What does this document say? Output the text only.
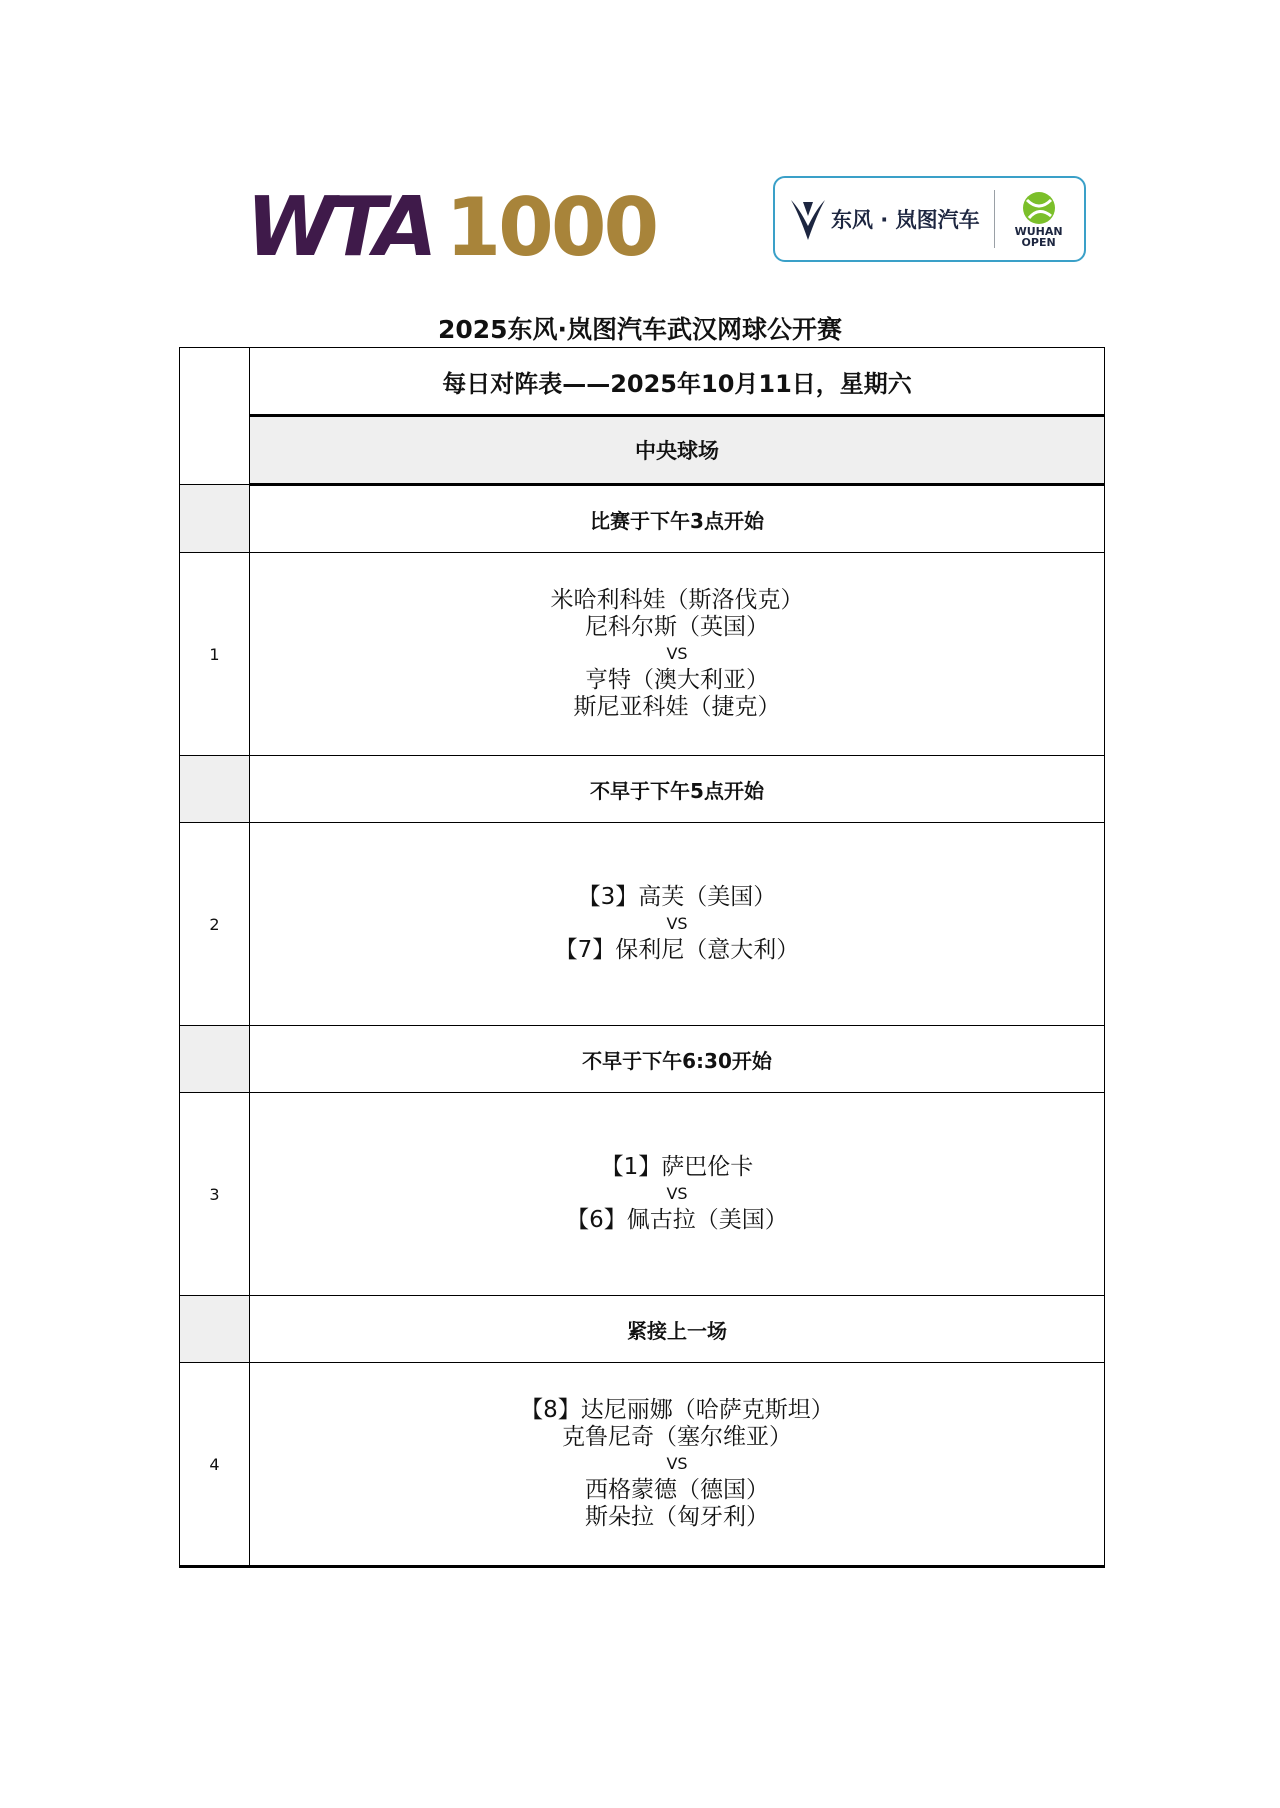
WTA 1000	东风 · 岚图汽车	WUHAN
OPEN
2025东风·岚图汽车武汉网球公开赛
	每日对阵表——2025年10月11日，星期六
	中央球场
	比赛于下午3点开始
1	米哈利科娃（斯洛伐克）
尼科尔斯（英国）
VS
亨特（澳大利亚）
斯尼亚科娃（捷克）

	不早于下午5点开始
2	【3】高芙（美国）
VS
【7】保利尼（意大利）

	不早于下午6:30开始
3	【1】萨巴伦卡
VS
【6】佩古拉（美国）

	紧接上一场
4	【8】达尼丽娜（哈萨克斯坦）
克鲁尼奇（塞尔维亚）
VS
西格蒙德（德国）
斯朵拉（匈牙利）
